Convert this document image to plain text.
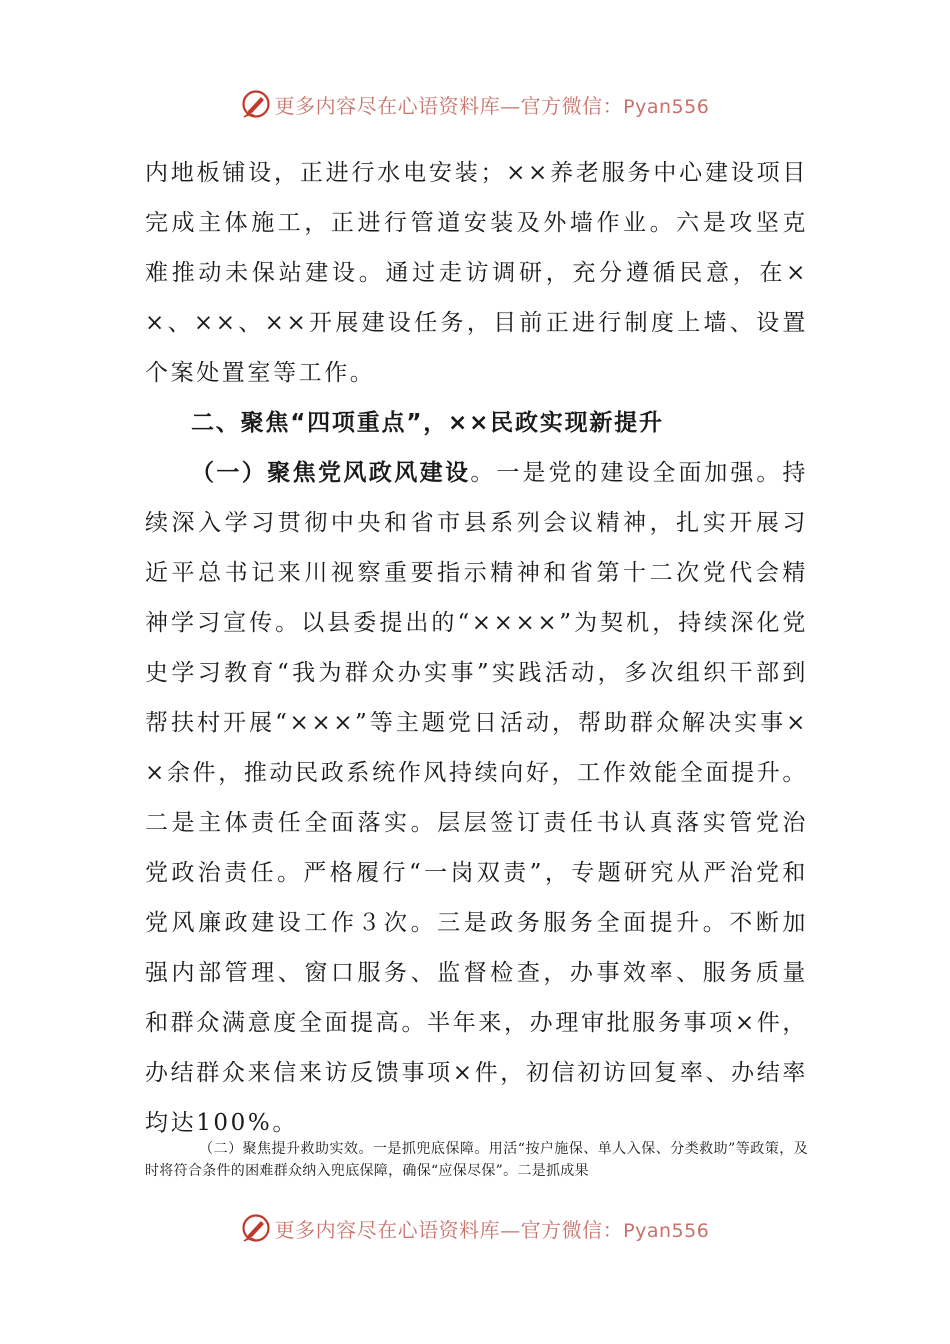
更多内容尽在心语资料库—官方微信：Pyan556

内地板铺设，正进行水电安装；××养老服务中心建设项目完成主体施工，正进行管道安装及外墙作业。六是攻坚克难推动未保站建设。通过走访调研，充分遵循民意，在××、××、××开展建设任务，目前正进行制度上墙、设置个案处置室等工作。

二、聚焦“四项重点”，××民政实现新提升

（一）聚焦党风政风建设。一是党的建设全面加强。持续深入学习贯彻中央和省市县系列会议精神，扎实开展习近平总书记来川视察重要指示精神和省第十二次党代会精神学习宣传。以县委提出的“××××”为契机，持续深化党史学习教育“我为群众办实事”实践活动，多次组织干部到帮扶村开展“×××”等主题党日活动，帮助群众解决实事××余件，推动民政系统作风持续向好，工作效能全面提升。二是主体责任全面落实。层层签订责任书认真落实管党治党政治责任。严格履行“一岗双责”，专题研究从严治党和党风廉政建设工作３次。三是政务服务全面提升。不断加强内部管理、窗口服务、监督检查，办事效率、服务质量和群众满意度全面提高。半年来，办理审批服务事项×件，办结群众来信来访反馈事项×件，初信初访回复率、办结率均达100%。

（二）聚焦提升救助实效。一是抓兜底保障。用活“按户施保、单人入保、分类救助”等政策，及时将符合条件的困难群众纳入兜底保障，确保“应保尽保”。二是抓成果
更多内容尽在心语资料库—官方微信：Pyan556
